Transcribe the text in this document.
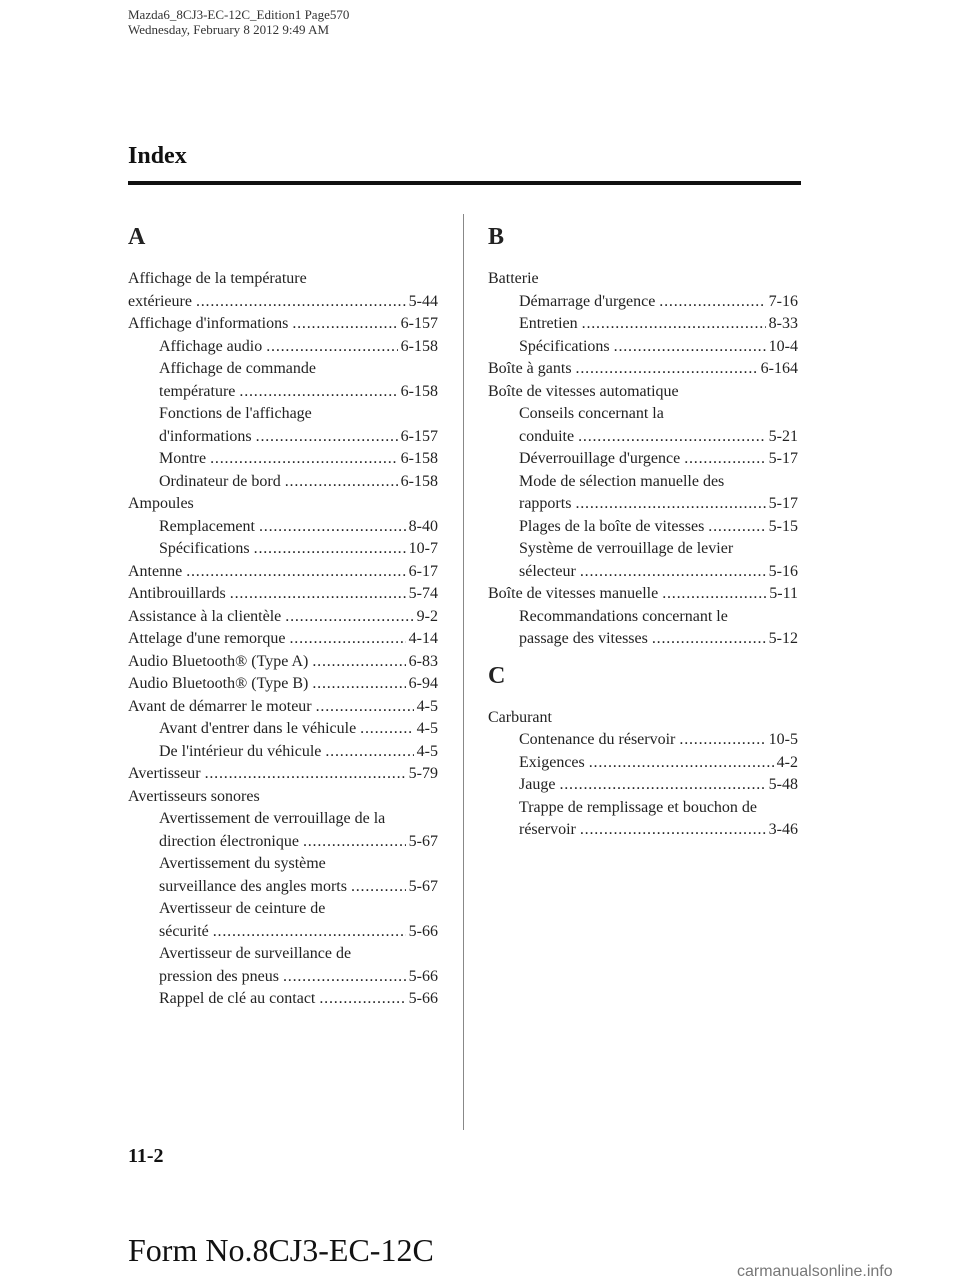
Mazda6_8CJ3-EC-12C_Edition1 Page570
Wednesday, February 8 2012 9:49 AM
Index
A
Affichage de la température
extérieure . . .	5-44
Affichage d'informations . . .	6-157
Affichage audio . . .	6-158
Affichage de commande
température . . .	6-158
Fonctions de l'affichage
d'informations . . .	6-157
Montre . . .	6-158
Ordinateur de bord . . .	6-158
Ampoules
Remplacement . . .	8-40
Spécifications . . .	10-7
Antenne . . .	6-17
Antibrouillards . . .	5-74
Assistance à la clientèle . . .	9-2
Attelage d'une remorque . . .	4-14
Audio Bluetooth® (Type A) . . .	6-83
Audio Bluetooth® (Type B) . . .	6-94
Avant de démarrer le moteur . . .	4-5
Avant d'entrer dans le véhicule . . .	4-5
De l'intérieur du véhicule . . .	4-5
Avertisseur . . .	5-79
Avertisseurs sonores
Avertissement de verrouillage de la
direction électronique . . .	5-67
Avertissement du système
surveillance des angles morts . . .	5-67
Avertisseur de ceinture de
sécurité . . .	5-66
Avertisseur de surveillance de
pression des pneus . . .	5-66
Rappel de clé au contact . . .	5-66
B
Batterie
Démarrage d'urgence . . .	7-16
Entretien . . .	8-33
Spécifications . . .	10-4
Boîte à gants . . .	6-164
Boîte de vitesses automatique
Conseils concernant la
conduite . . .	5-21
Déverrouillage d'urgence . . .	5-17
Mode de sélection manuelle des
rapports . . .	5-17
Plages de la boîte de vitesses . . .	5-15
Système de verrouillage de levier
sélecteur . . .	5-16
Boîte de vitesses manuelle . . .	5-11
Recommandations concernant le
passage des vitesses . . .	5-12
C
Carburant
Contenance du réservoir . . .	10-5
Exigences . . .	4-2
Jauge . . .	5-48
Trappe de remplissage et bouchon de
réservoir . . .	3-46
11-2
Form No.8CJ3-EC-12C
carmanualsonline.info
